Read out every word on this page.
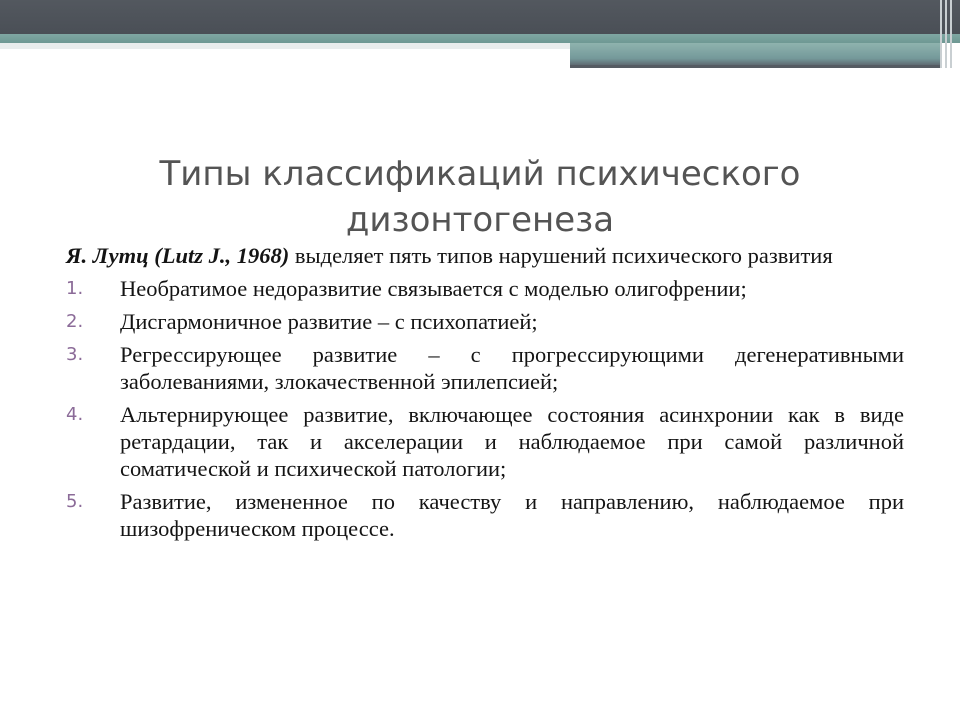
Типы классификаций психического
дизонтогенеза

Я. Лутц (Lutz J., 1968) выделяет пять типов нарушений психического развития

1. Необратимое недоразвитие связывается с моделью олигофрении;
2. Дисгармоничное развитие – с психопатией;
3. Регрессирующее развитие – с прогрессирующими дегенеративными заболеваниями, злокачественной эпилепсией;
4. Альтернирующее развитие, включающее состояния асинхронии как в виде ретардации, так и акселерации и наблюдаемое при самой различной соматической и психической патологии;
5. Развитие, измененное по качеству и направлению, наблюдаемое при шизофреническом процессе.
